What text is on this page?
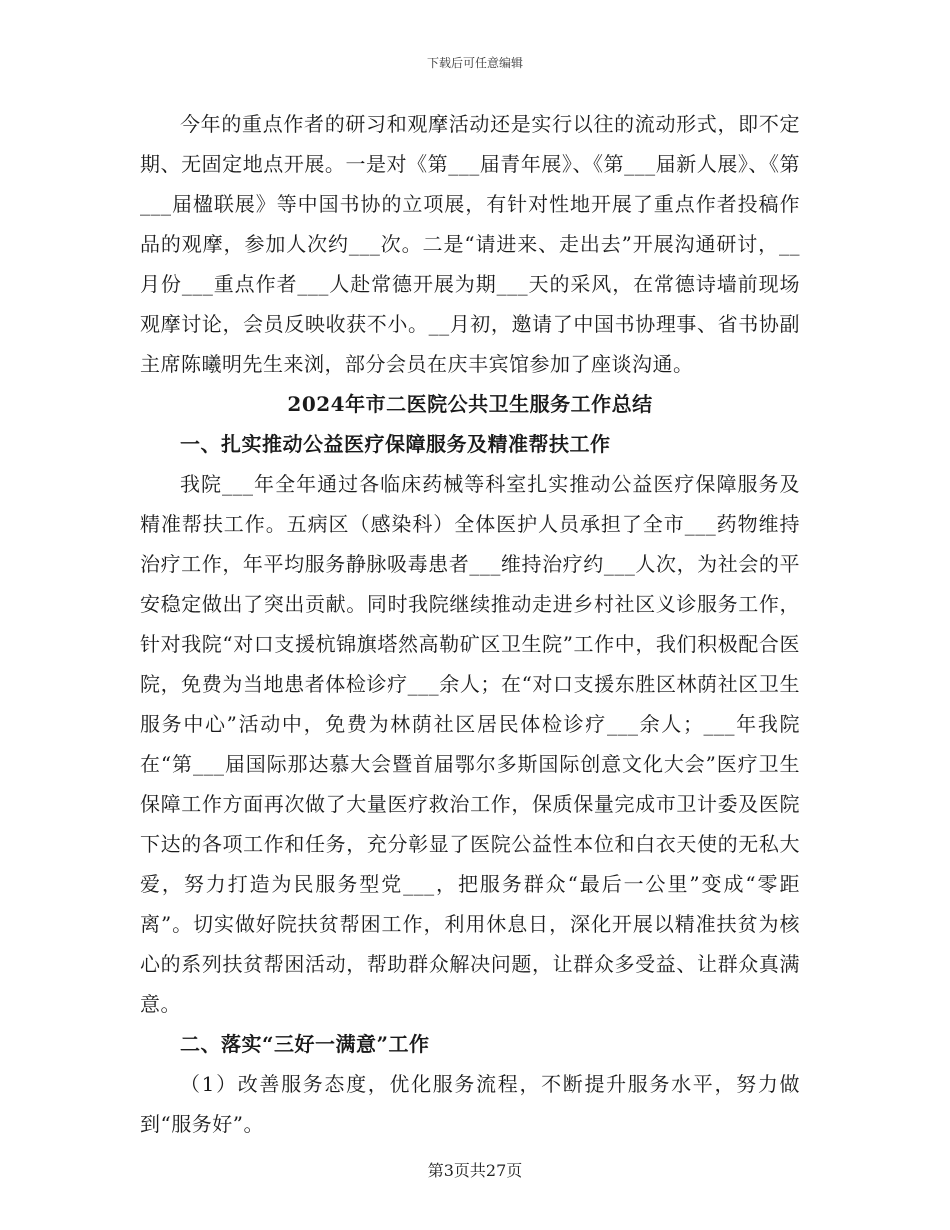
下载后可任意编辑

今年的重点作者的研习和观摩活动还是实行以往的流动形式，即不定期、无固定地点开展。一是对《第___届青年展》、《第___届新人展》、《第___届楹联展》等中国书协的立项展，有针对性地开展了重点作者投稿作品的观摩，参加人次约___次。二是“请进来、走出去”开展沟通研讨，__月份___重点作者___人赴常德开展为期___天的采风，在常德诗墙前现场观摩讨论，会员反映收获不小。__月初，邀请了中国书协理事、省书协副主席陈曦明先生来浏，部分会员在庆丰宾馆参加了座谈沟通。

2024年市二医院公共卫生服务工作总结
一、扎实推动公益医疗保障服务及精准帮扶工作

我院___年全年通过各临床药械等科室扎实推动公益医疗保障服务及精准帮扶工作。五病区（感染科）全体医护人员承担了全市___药物维持治疗工作，年平均服务静脉吸毒患者___维持治疗约___人次，为社会的平安稳定做出了突出贡献。同时我院继续推动走进乡村社区义诊服务工作，针对我院“对口支援杭锦旗塔然高勒矿区卫生院”工作中，我们积极配合医院，免费为当地患者体检诊疗___余人；在“对口支援东胜区林荫社区卫生服务中心”活动中，免费为林荫社区居民体检诊疗___余人；___年我院在“第___届国际那达慕大会暨首届鄂尔多斯国际创意文化大会”医疗卫生保障工作方面再次做了大量医疗救治工作，保质保量完成市卫计委及医院下达的各项工作和任务，充分彰显了医院公益性本位和白衣天使的无私大爱，努力打造为民服务型党___，把服务群众“最后一公里”变成“零距离”。切实做好院扶贫帮困工作，利用休息日，深化开展以精准扶贫为核心的系列扶贫帮困活动，帮助群众解决问题，让群众多受益、让群众真满意。

二、落实“三好一满意”工作

（1）改善服务态度，优化服务流程，不断提升服务水平，努力做到“服务好”。

第3页共27页
